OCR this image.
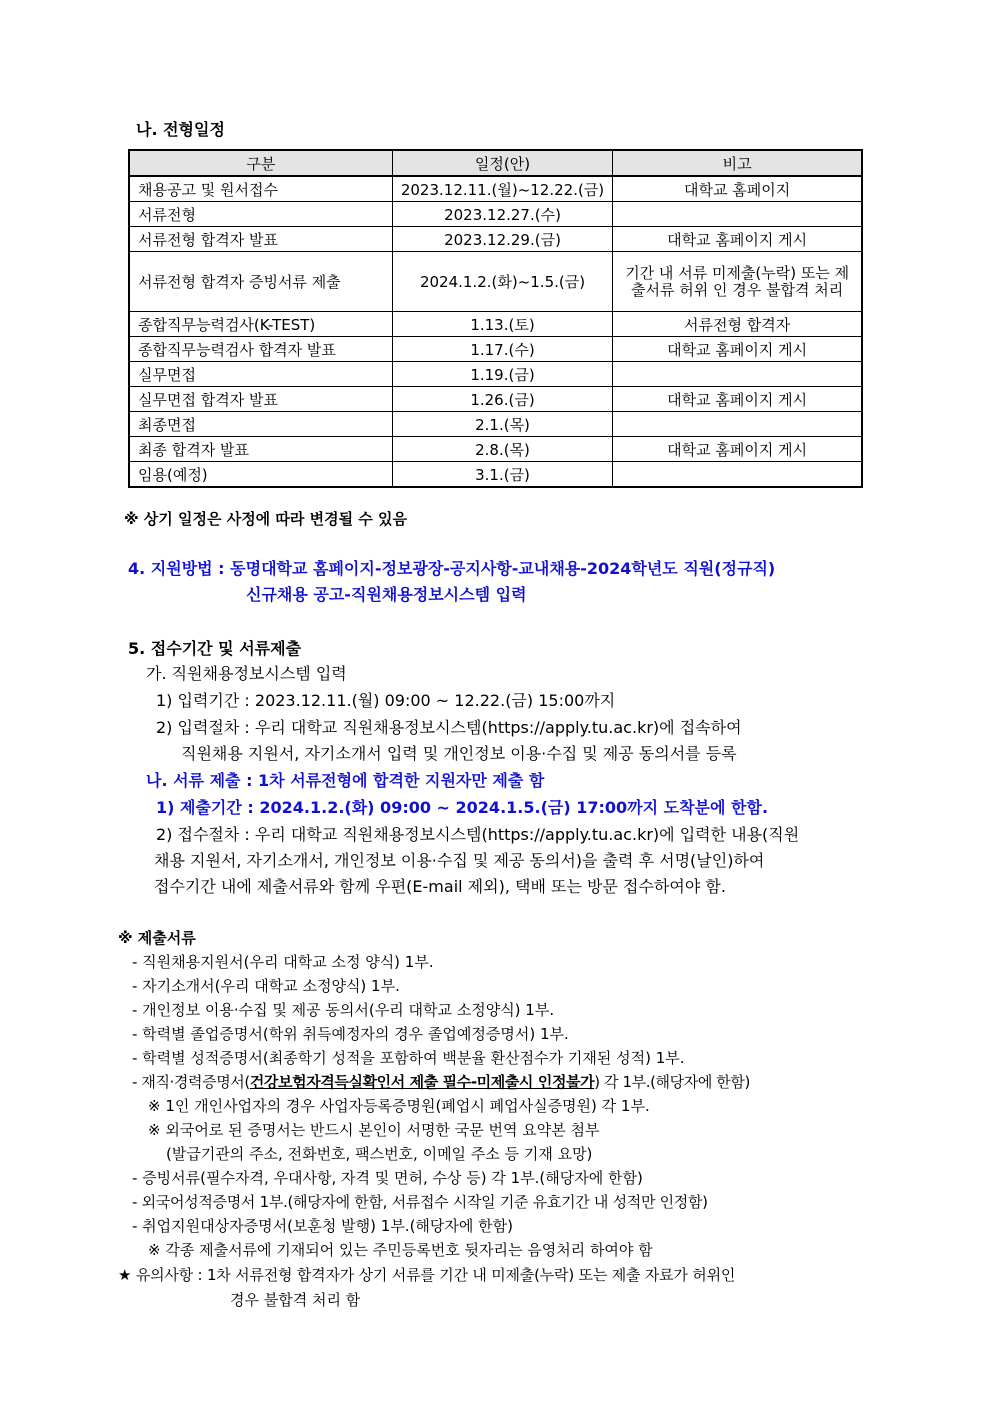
나. 전형일정
구분	일정(안)	비고
채용공고 및 원서접수	2023.12.11.(월)~12.22.(금)	대학교 홈페이지
서류전형	2023.12.27.(수)	
서류전형 합격자 발표	2023.12.29.(금)	대학교 홈페이지 게시
서류전형 합격자 증빙서류 제출	2024.1.2.(화)~1.5.(금)	기간 내 서류 미제출(누락) 또는 제출서류 허위 인 경우 불합격 처리
종합직무능력검사(K-TEST)	1.13.(토)	서류전형 합격자
종합직무능력검사 합격자 발표	1.17.(수)	대학교 홈페이지 게시
실무면접	1.19.(금)	
실무면접 합격자 발표	1.26.(금)	대학교 홈페이지 게시
최종면접	2.1.(목)	
최종 합격자 발표	2.8.(목)	대학교 홈페이지 게시
임용(예정)	3.1.(금)	
※ 상기 일정은 사정에 따라 변경될 수 있음
4. 지원방법 : 동명대학교 홈페이지-정보광장-공지사항-교내채용-2024학년도 직원(정규직)
신규채용 공고-직원채용정보시스템 입력
5. 접수기간 및 서류제출
가. 직원채용정보시스템 입력
1) 입력기간 : 2023.12.11.(월) 09:00 ~ 12.22.(금) 15:00까지
2) 입력절차 : 우리 대학교 직원채용정보시스템(https://apply.tu.ac.kr)에 접속하여
직원채용 지원서, 자기소개서 입력 및 개인정보 이용·수집 및 제공 동의서를 등록
나. 서류 제출 : 1차 서류전형에 합격한 지원자만 제출 함
1) 제출기간 : 2024.1.2.(화) 09:00 ~ 2024.1.5.(금) 17:00까지 도착분에 한함.
2) 접수절차 : 우리 대학교 직원채용정보시스템(https://apply.tu.ac.kr)에 입력한 내용(직원
채용 지원서, 자기소개서, 개인정보 이용·수집 및 제공 동의서)을 출력 후 서명(날인)하여
접수기간 내에 제출서류와 함께 우편(E-mail 제외), 택배 또는 방문 접수하여야 함.
※ 제출서류
- 직원채용지원서(우리 대학교 소정 양식) 1부.
- 자기소개서(우리 대학교 소정양식) 1부.
- 개인정보 이용·수집 및 제공 동의서(우리 대학교 소정양식) 1부.
- 학력별 졸업증명서(학위 취득예정자의 경우 졸업예정증명서) 1부.
- 학력별 성적증명서(최종학기 성적을 포함하여 백분율 환산점수가 기재된 성적) 1부.
- 재직·경력증명서(건강보험자격득실확인서 제출 필수-미제출시 인정불가) 각 1부.(해당자에 한함)
※ 1인 개인사업자의 경우 사업자등록증명원(폐업시 폐업사실증명원) 각 1부.
※ 외국어로 된 증명서는 반드시 본인이 서명한 국문 번역 요약본 첨부
(발급기관의 주소, 전화번호, 팩스번호, 이메일 주소 등 기재 요망)
- 증빙서류(필수자격, 우대사항, 자격 및 면허, 수상 등) 각 1부.(해당자에 한함)
- 외국어성적증명서 1부.(해당자에 한함, 서류접수 시작일 기준 유효기간 내 성적만 인정함)
- 취업지원대상자증명서(보훈청 발행) 1부.(해당자에 한함)
※ 각종 제출서류에 기재되어 있는 주민등록번호 뒷자리는 음영처리 하여야 함
★ 유의사항 : 1차 서류전형 합격자가 상기 서류를 기간 내 미제출(누락) 또는 제출 자료가 허위인
경우 불합격 처리 함
